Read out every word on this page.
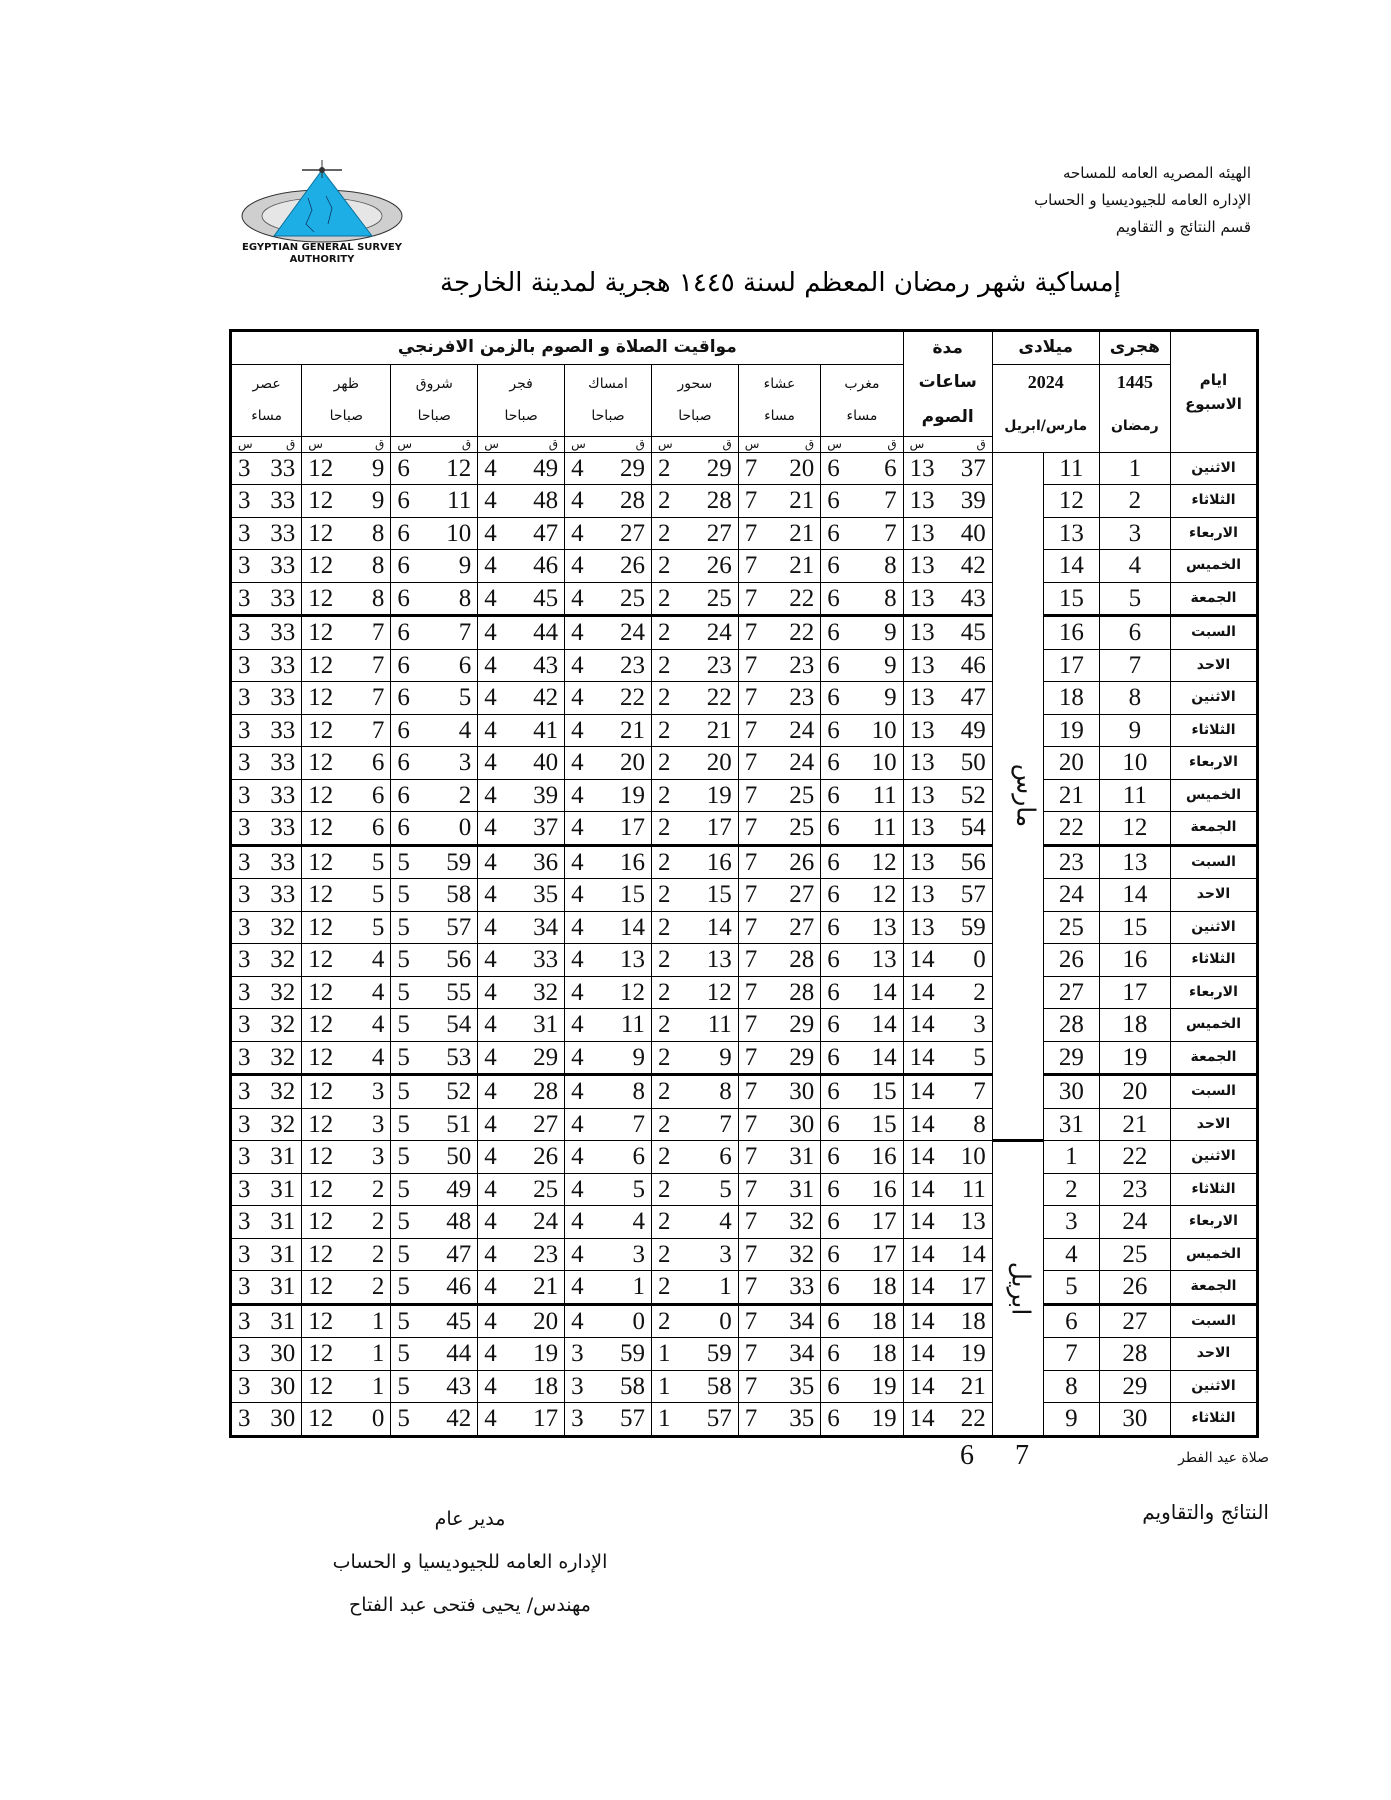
الهيئه المصريه العامه للمساحه
الإداره العامه للجيوديسيا و الحساب
قسم النتائج و التقاويم
EGYPTIAN GENERAL SURVEY
AUTHORITY
إمساكية شهر رمضان المعظم لسنة ١٤٤٥ هجرية لمدينة الخارجة
مواقيت الصلاة و الصوم بالزمن الافرنجي																مدة		ميلادى		هجرى	ايام
الاسبوع

عصر		ظهر		شروق		فجر		امساك		سحور		عشاء		مغرب		ساعات		2024		1445	
مساء		صباحا		صباحا		صباحا		صباحا		صباحا		مساء		مساء		الصوم		مارس/ابريل		رمضان	
س	ق	س	ق	س	ق	س	ق	س	ق	س	ق	س	ق	س	ق	س	ق				
3	33	12	9	6	12	4	49	4	29	2	29	7	20	6	6	13	37	مارس	11	1	الاثنين
3	33	12	9	6	11	4	48	4	28	2	28	7	21	6	7	13	39		12	2	الثلاثاء
3	33	12	8	6	10	4	47	4	27	2	27	7	21	6	7	13	40		13	3	الاربعاء
3	33	12	8	6	9	4	46	4	26	2	26	7	21	6	8	13	42		14	4	الخميس
3	33	12	8	6	8	4	45	4	25	2	25	7	22	6	8	13	43		15	5	الجمعة
3	33	12	7	6	7	4	44	4	24	2	24	7	22	6	9	13	45		16	6	السبت
3	33	12	7	6	6	4	43	4	23	2	23	7	23	6	9	13	46		17	7	الاحد
3	33	12	7	6	5	4	42	4	22	2	22	7	23	6	9	13	47		18	8	الاثنين
3	33	12	7	6	4	4	41	4	21	2	21	7	24	6	10	13	49		19	9	الثلاثاء
3	33	12	6	6	3	4	40	4	20	2	20	7	24	6	10	13	50		20	10	الاربعاء
3	33	12	6	6	2	4	39	4	19	2	19	7	25	6	11	13	52		21	11	الخميس
3	33	12	6	6	0	4	37	4	17	2	17	7	25	6	11	13	54		22	12	الجمعة
3	33	12	5	5	59	4	36	4	16	2	16	7	26	6	12	13	56		23	13	السبت
3	33	12	5	5	58	4	35	4	15	2	15	7	27	6	12	13	57		24	14	الاحد
3	32	12	5	5	57	4	34	4	14	2	14	7	27	6	13	13	59		25	15	الاثنين
3	32	12	4	5	56	4	33	4	13	2	13	7	28	6	13	14	0		26	16	الثلاثاء
3	32	12	4	5	55	4	32	4	12	2	12	7	28	6	14	14	2		27	17	الاربعاء
3	32	12	4	5	54	4	31	4	11	2	11	7	29	6	14	14	3		28	18	الخميس
3	32	12	4	5	53	4	29	4	9	2	9	7	29	6	14	14	5		29	19	الجمعة
3	32	12	3	5	52	4	28	4	8	2	8	7	30	6	15	14	7		30	20	السبت
3	32	12	3	5	51	4	27	4	7	2	7	7	30	6	15	14	8		31	21	الاحد
3	31	12	3	5	50	4	26	4	6	2	6	7	31	6	16	14	10	ابريل	1	22	الاثنين
3	31	12	2	5	49	4	25	4	5	2	5	7	31	6	16	14	11		2	23	الثلاثاء
3	31	12	2	5	48	4	24	4	4	2	4	7	32	6	17	14	13		3	24	الاربعاء
3	31	12	2	5	47	4	23	4	3	2	3	7	32	6	17	14	14		4	25	الخميس
3	31	12	2	5	46	4	21	4	1	2	1	7	33	6	18	14	17		5	26	الجمعة
3	31	12	1	5	45	4	20	4	0	2	0	7	34	6	18	14	18		6	27	السبت
3	30	12	1	5	44	4	19	3	59	1	59	7	34	6	18	14	19		7	28	الاحد
3	30	12	1	5	43	4	18	3	58	1	58	7	35	6	19	14	21		8	29	الاثنين
3	30	12	0	5	42	4	17	3	57	1	57	7	35	6	19	14	22		9	30	الثلاثاء
صلاة عيد الفطر
6 7
النتائج والتقاويم
مدير عام
الإداره العامه للجيوديسيا و الحساب
مهندس/ يحيى فتحى عبد الفتاح
